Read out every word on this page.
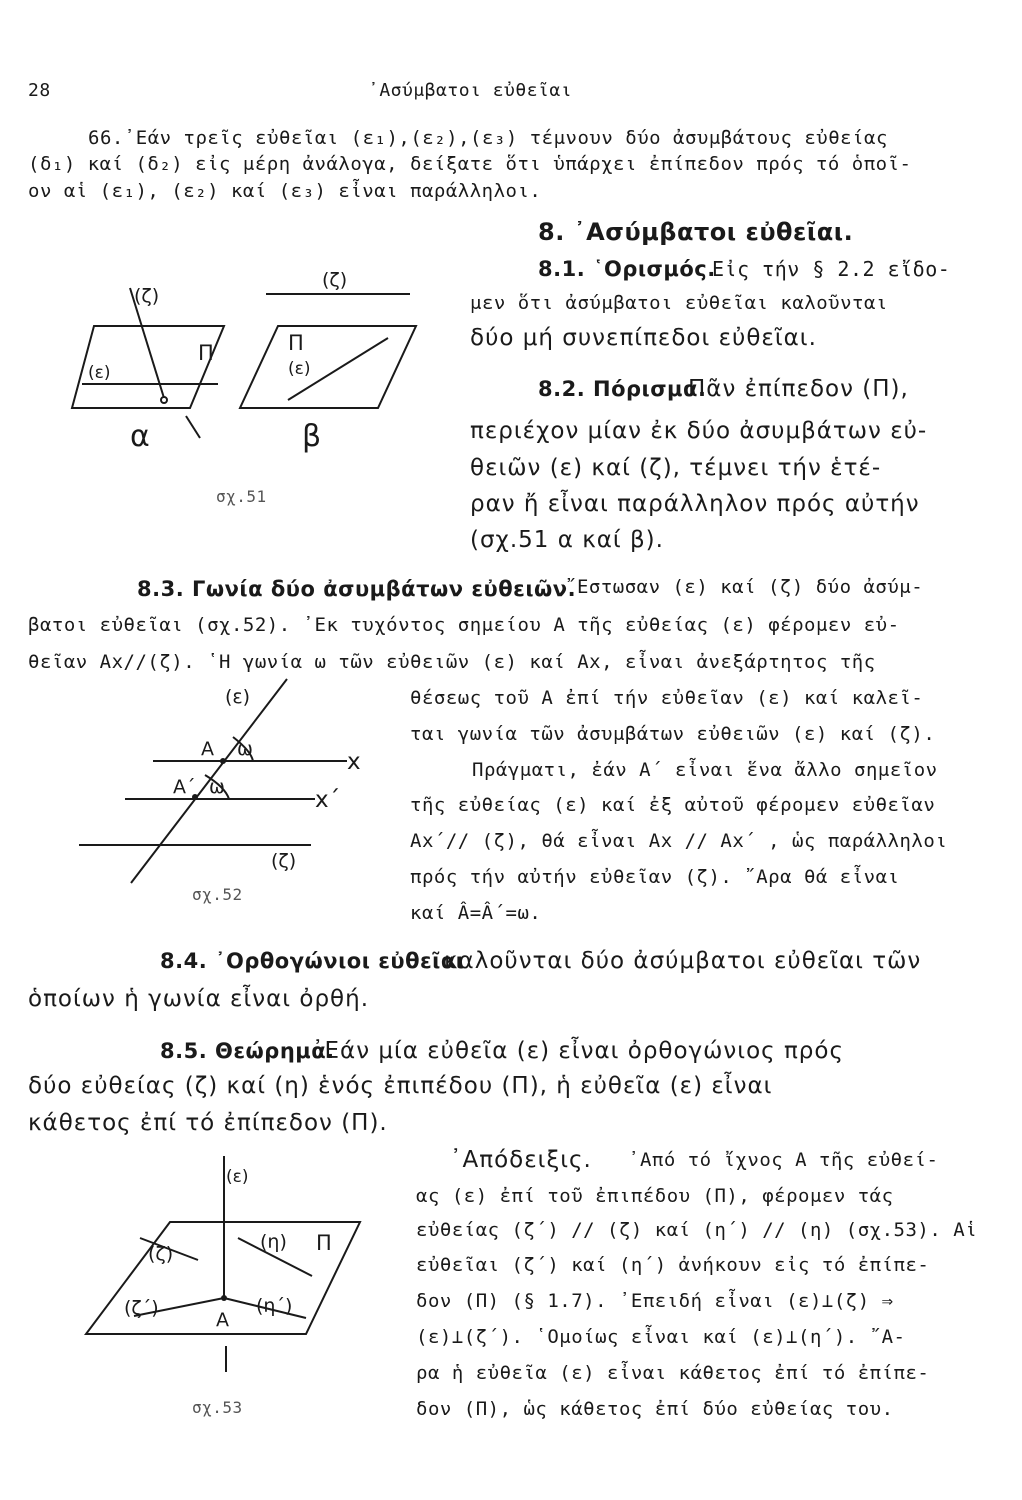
28	᾿Ασύμβατοι εὐθεῖαι
66.᾿Εάν τρεῖς εὐθεῖαι (ε₁),(ε₂),(ε₃) τέμνουν δύο ἀσυμβάτους εὐθείας
(δ₁) καί (δ₂) εἰς μέρη ἀνάλογα, δείξατε ὅτι ὑπάρχει ἐπίπεδον πρός τό ὁποῖ-
ον αἱ (ε₁), (ε₂) καί (ε₃) εἶναι παράλληλοι.
8. ᾿Ασύμβατοι εὐθεῖαι.
8.1. ῾Ορισμός.
Εἰς τήν § 2.2 εἴδο-
μεν ὅτι ἀσύμβατοι εὐθεῖαι καλοῦνται
δύο μή συνεπίπεδοι εὐθεῖαι.
8.2. Πόρισμα.
Πᾶν ἐπίπεδον (Π),
περιέχον μίαν ἐκ δύο ἀσυμβάτων εὐ-
θειῶν (ε) καί (ζ), τέμνει τήν ἑτέ-
ραν ἤ εἶναι παράλληλον πρός αὐτήν
(σχ.51 α καί β).
(ζ)
(ζ)
Π	Π
(ε)	(ε)
α	β
σχ.51
8.3. Γωνία δύο ἀσυμβάτων εὐθειῶν.
῎Εστωσαν (ε) καί (ζ) δύο ἀσύμ-
βατοι εὐθεῖαι (σχ.52). ᾿Εκ τυχόντος σημείου Α τῆς εὐθείας (ε) φέρομεν εὐ-
θεῖαν Αx//(ζ). ῾Η γωνία ω τῶν εὐθειῶν (ε) καί Αx, εἶναι ἀνεξάρτητος τῆς
θέσεως τοῦ Α ἐπί τήν εὐθεῖαν (ε) καί καλεῖ-
ται γωνία τῶν ἀσυμβάτων εὐθειῶν (ε) καί (ζ).
Πράγματι, ἐάν Α΄ εἶναι ἕνα ἄλλο σημεῖον
τῆς εὐθείας (ε) καί ἐξ αὐτοῦ φέρομεν εὐθεῖαν
Αx΄// (ζ), θά εἶναι Αx // Αx΄ , ὡς παράλληλοι
πρός τήν αὐτήν εὐθεῖαν (ζ). ῎Αρα θά εἶναι
καί Â=Â΄=ω.
(ε)
Α
Α΄
ω
ω
x
x΄
(ζ)
σχ.52
8.4. ᾿Ορθογώνιοι εὐθεῖαι
καλοῦνται δύο ἀσύμβατοι εὐθεῖαι τῶν
ὁποίων ἡ γωνία εἶναι ὀρθή.
8.5. Θεώρημα.
᾿Εάν μία εὐθεῖα (ε) εἶναι ὀρθογώνιος πρός
δύο εὐθείας (ζ) καί (η) ἑνός ἐπιπέδου (Π), ἡ εὐθεῖα (ε) εἶναι
κάθετος ἐπί τό ἐπίπεδον (Π).
᾿Απόδειξις. ᾿Από τό ἴχνος Α τῆς εὐθεί-
ας (ε) ἐπί τοῦ ἐπιπέδου (Π), φέρομεν τάς
εὐθείας (ζ΄) // (ζ) καί (η΄) // (η) (σχ.53). Αἱ
εὐθεῖαι (ζ΄) καί (η΄) ἀνήκουν εἰς τό ἐπίπε-
δον (Π) (§ 1.7). ᾿Επειδή εἶναι (ε)⊥(ζ) ⇒
(ε)⊥(ζ΄). ῾Ομοίως εἶναι καί (ε)⊥(η΄). ῎Α-
ρα ἡ εὐθεῖα (ε) εἶναι κάθετος ἐπί τό ἐπίπε-
δον (Π), ὡς κάθετος ἐπί δύο εὐθείας του.
(ε)
(ζ)
(η) Π
(ζ΄)	(η΄)
Α
σχ.53
